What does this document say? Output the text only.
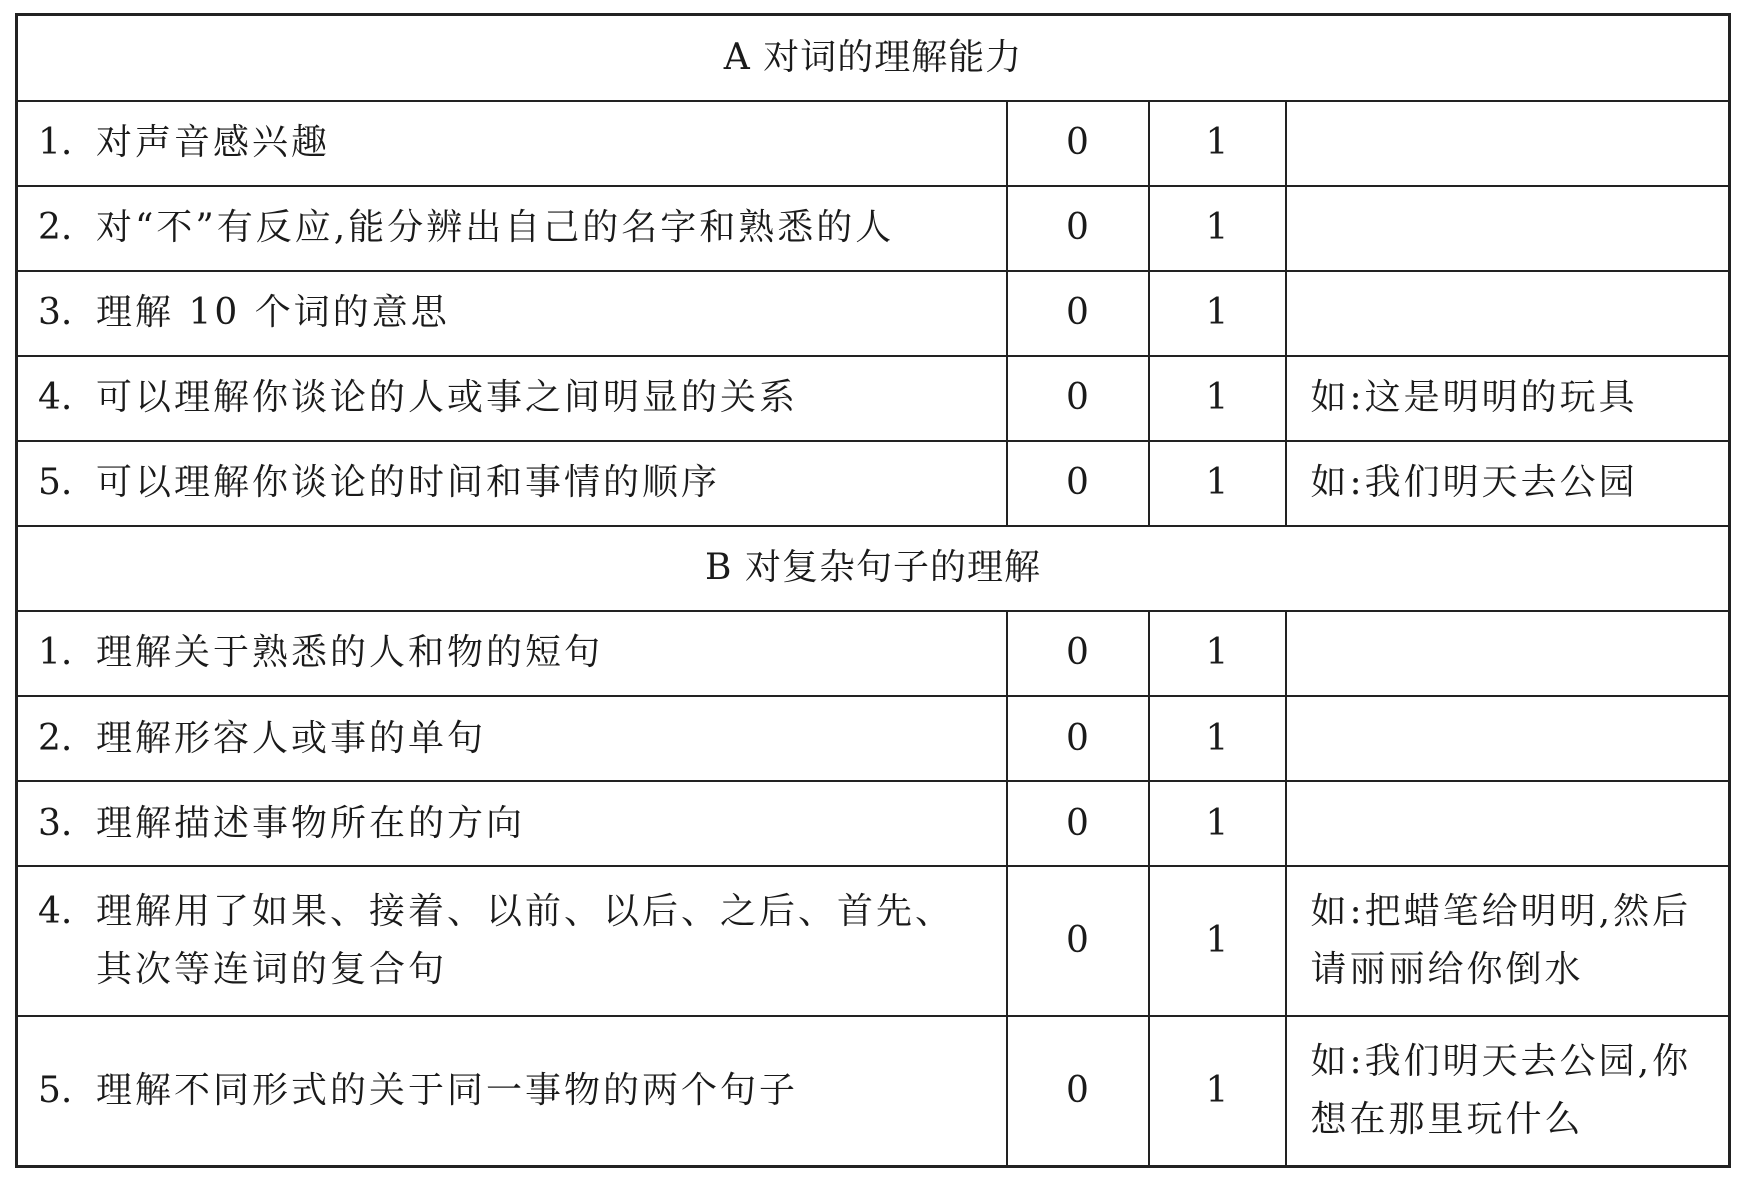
A 对词的理解能力			

1. 对声音感兴趣	0	1	

2. 对“不”有反应,能分辨出自己的名字和熟悉的人	0	1	

3. 理解 10 个词的意思	0	1	

4. 可以理解你谈论的人或事之间明显的关系	0	1	如:这是明明的玩具

5. 可以理解你谈论的时间和事情的顺序	0	1	如:我们明天去公园
B 对复杂句子的理解			

1. 理解关于熟悉的人和物的短句	0	1	

2. 理解形容人或事的单句	0	1	

3. 理解描述事物所在的方向	0	1	

4. 理解用了如果、接着、以前、以后、之后、首先、其次等连词的复合句	0	1	如:把蜡笔给明明,然后请丽丽给你倒水

5. 理解不同形式的关于同一事物的两个句子	0	1	如:我们明天去公园,你想在那里玩什么
